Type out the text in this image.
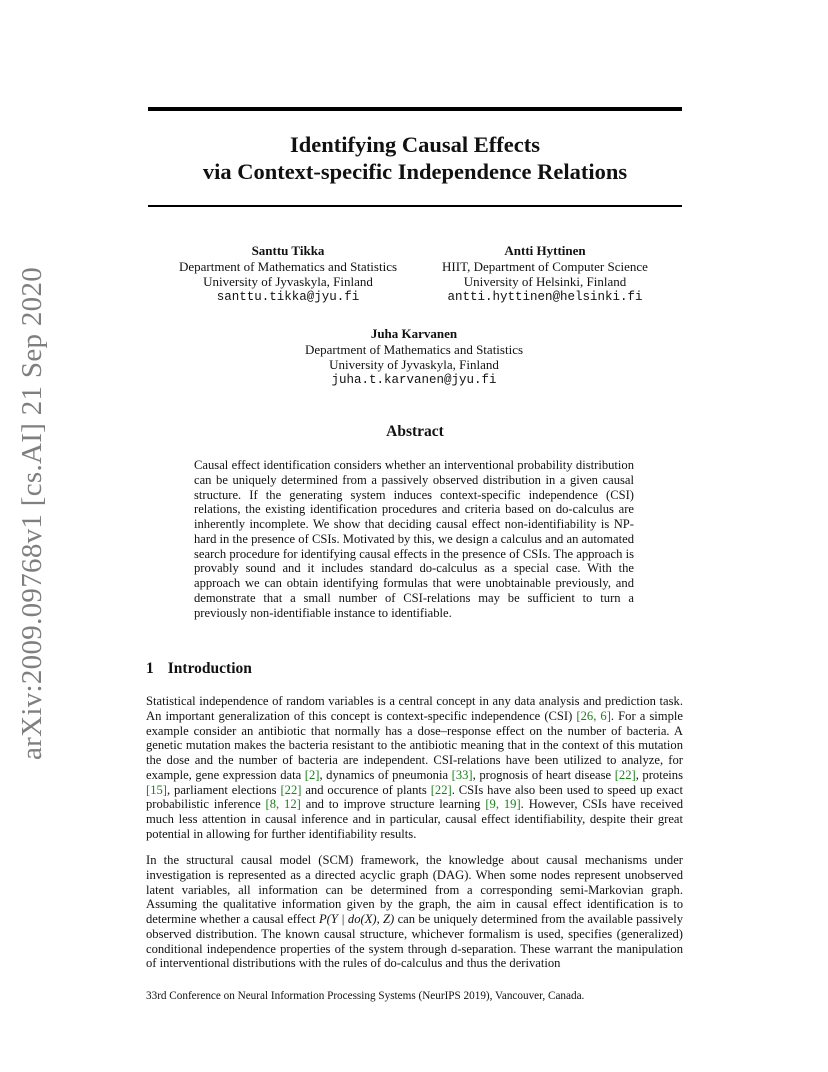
arXiv:2009.09768v1 [cs.AI] 21 Sep 2020
Identifying Causal Effects
via Context-specific Independence Relations
Santtu Tikka
Department of Mathematics and Statistics
University of Jyvaskyla, Finland
santtu.tikka@jyu.fi
Antti Hyttinen
HIIT, Department of Computer Science
University of Helsinki, Finland
antti.hyttinen@helsinki.fi
Juha Karvanen
Department of Mathematics and Statistics
University of Jyvaskyla, Finland
juha.t.karvanen@jyu.fi
Abstract
Causal effect identification considers whether an interventional probability distribution can be uniquely determined from a passively observed distribution in a given causal structure. If the generating system induces context-specific independence (CSI) relations, the existing identification procedures and criteria based on do-calculus are inherently incomplete. We show that deciding causal effect non-identifiability is NP-hard in the presence of CSIs. Motivated by this, we design a calculus and an automated search procedure for identifying causal effects in the presence of CSIs. The approach is provably sound and it includes standard do-calculus as a special case. With the approach we can obtain identifying formulas that were unobtainable previously, and demonstrate that a small number of CSI-relations may be sufficient to turn a previously non-identifiable instance to identifiable.
1 Introduction
Statistical independence of random variables is a central concept in any data analysis and prediction task. An important generalization of this concept is context-specific independence (CSI) [26, 6]. For a simple example consider an antibiotic that normally has a dose–response effect on the number of bacteria. A genetic mutation makes the bacteria resistant to the antibiotic meaning that in the context of this mutation the dose and the number of bacteria are independent. CSI-relations have been utilized to analyze, for example, gene expression data [2], dynamics of pneumonia [33], prognosis of heart disease [22], proteins [15], parliament elections [22] and occurence of plants [22]. CSIs have also been used to speed up exact probabilistic inference [8, 12] and to improve structure learning [9, 19]. However, CSIs have received much less attention in causal inference and in particular, causal effect identifiability, despite their great potential in allowing for further identifiability results.
In the structural causal model (SCM) framework, the knowledge about causal mechanisms under investigation is represented as a directed acyclic graph (DAG). When some nodes represent unobserved latent variables, all information can be determined from a corresponding semi-Markovian graph. Assuming the qualitative information given by the graph, the aim in causal effect identification is to determine whether a causal effect P(Y | do(X), Z) can be uniquely determined from the available passively observed distribution. The known causal structure, whichever formalism is used, specifies (generalized) conditional independence properties of the system through d-separation. These warrant the manipulation of interventional distributions with the rules of do-calculus and thus the derivation
33rd Conference on Neural Information Processing Systems (NeurIPS 2019), Vancouver, Canada.
